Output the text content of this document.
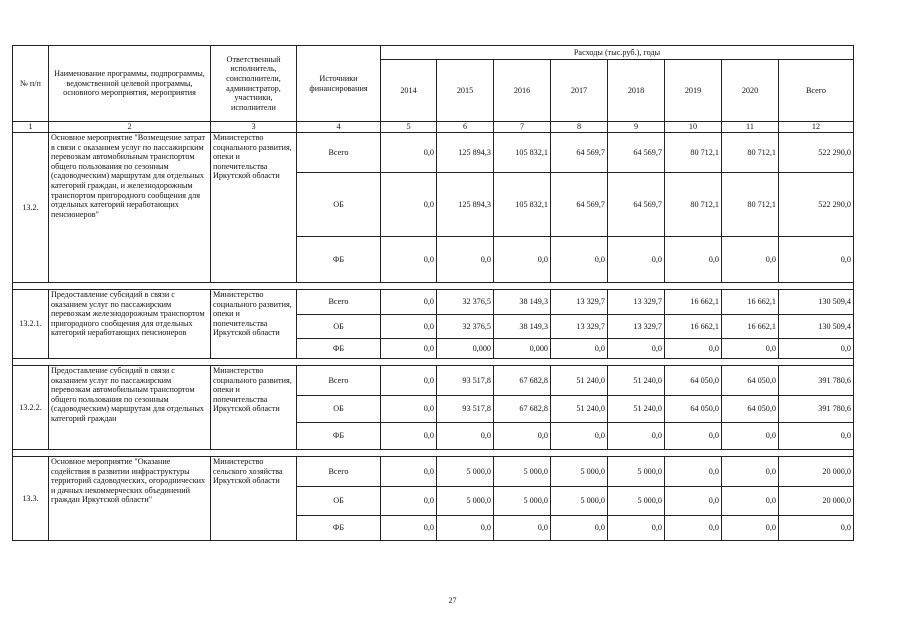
№ п/п	Наименование программы, подпрограммы, ведомственной целевой программы, основного мероприятия, мероприятия	Ответственный исполнитель, соисполнители, администратор, участники, исполнители	Источники финансирования	Расходы (тыс.руб.), годы							
				2014	2015	2016	2017	2018	2019	2020	Всего
1	2	3	4	5	6	7	8	9	10	11	12
13.2.	Основное мероприятие "Возмещение затрат в связи с оказанием услуг по пассажирским перевозкам автомобильным транспортом общего пользования по сезонным (садоводческим) маршрутам для отдельных категорий граждан, и железнодорожным транспортом пригородного сообщения для отдельных категорий неработающих пенсионеров"	Министерство социального развития, опеки и попечительства Иркутской области	Всего	0,0	125 894,3	105 832,1	64 569,7	64 569,7	80 712,1	80 712,1	522 290,0
			ОБ	0,0	125 894,3	105 832,1	64 569,7	64 569,7	80 712,1	80 712,1	522 290,0
			ФБ	0,0	0,0	0,0	0,0	0,0	0,0	0,0	0,0

13.2.1.	Предоставление субсидий в связи с оказанием услуг по пассажирским перевозкам железнодорожным транспортом пригородного сообщения для отдельных категорий неработающих пенсионеров	Министерство социального развития, опеки и попечительства Иркутской области	Всего	0,0	32 376,5	38 149,3	13 329,7	13 329,7	16 662,1	16 662,1	130 509,4
			ОБ	0,0	32 376,5	38 149,3	13 329,7	13 329,7	16 662,1	16 662,1	130 509,4
			ФБ	0,0	0,000	0,000	0,0	0,0	0,0	0,0	0,0

13.2.2.	Предоставление субсидий в связи с оказанием услуг по пассажирским перевозкам автомобильным транспортом общего пользования по сезонным (садоводческим) маршрутам для отдельных категорий граждан	Министерство социального развития, опеки и попечительства Иркутской области	Всего	0,0	93 517,8	67 682,8	51 240,0	51 240,0	64 050,0	64 050,0	391 780,6
			ОБ	0,0	93 517,8	67 682,8	51 240,0	51 240,0	64 050,0	64 050,0	391 780,6
			ФБ	0,0	0,0	0,0	0,0	0,0	0,0	0,0	0,0

13.3.	Основное мероприятие "Оказание содействия в развитии инфраструктуры территорий садоводческих, огороднических и дачных некоммерческих объединений граждан Иркутской области"	Министерство сельского хозяйства Иркутской области	Всего	0,0	5 000,0	5 000,0	5 000,0	5 000,0	0,0	0,0	20 000,0
			ОБ	0,0	5 000,0	5 000,0	5 000,0	5 000,0	0,0	0,0	20 000,0
			ФБ	0,0	0,0	0,0	0,0	0,0	0,0	0,0	0,0
27
